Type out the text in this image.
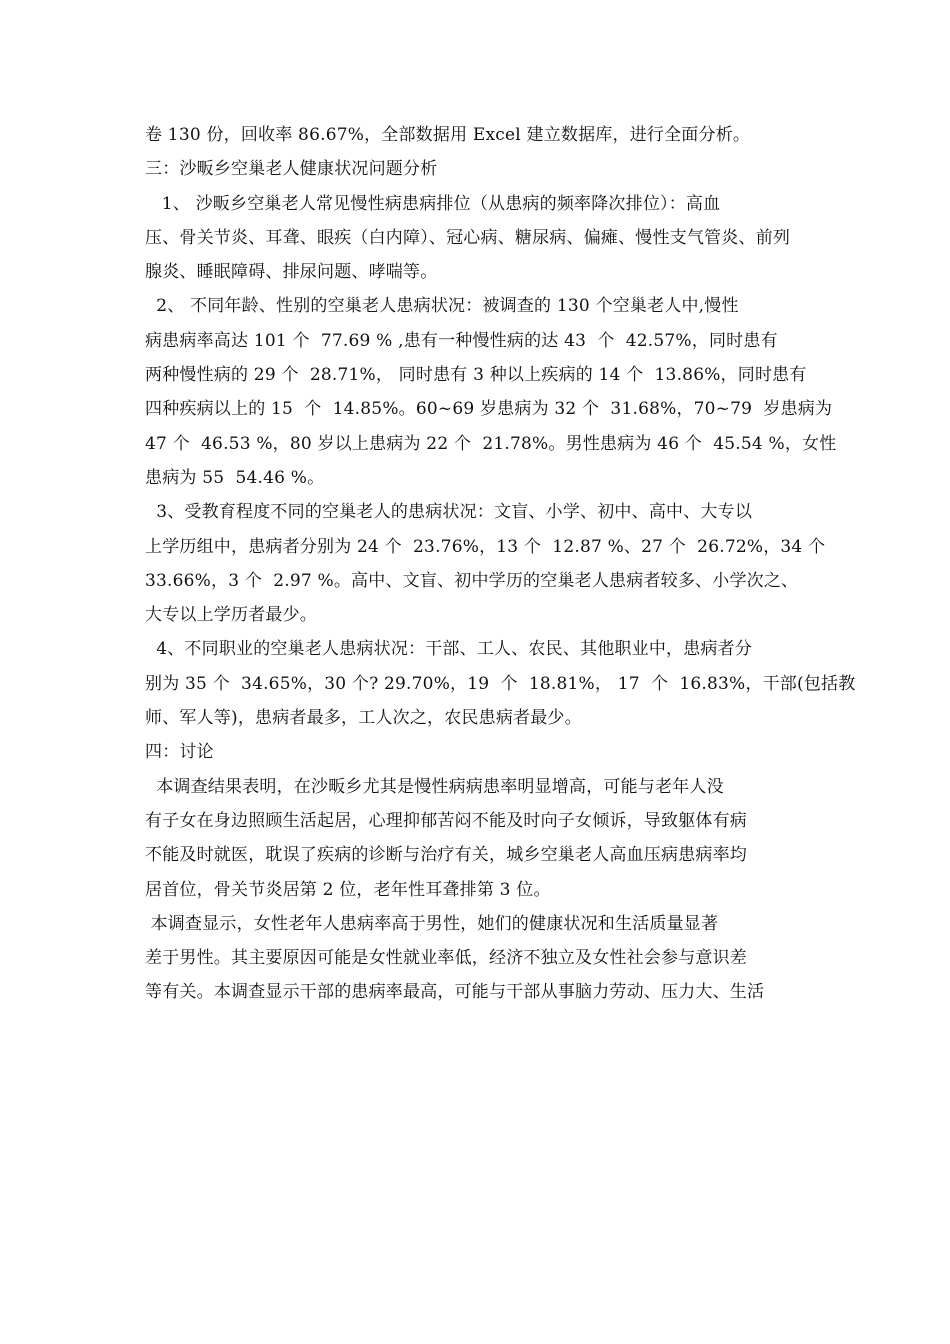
卷 130 份，回收率 86.67%，全部数据用 Excel 建立数据库，进行全面分析。
三：沙畈乡空巢老人健康状况问题分析
1、 沙畈乡空巢老人常见慢性病患病排位（从患病的频率降次排位）：高血
压、骨关节炎、耳聋、眼疾（白内障）、冠心病、糖尿病、偏瘫、慢性支气管炎、前列
腺炎、睡眠障碍、排尿问题、哮喘等。
2、 不同年龄、性别的空巢老人患病状况：被调查的 130 个空巢老人中,慢性
病患病率高达 101 个  77.69 % ,患有一种慢性病的达 43  个  42.57%，同时患有
两种慢性病的 29 个  28.71%， 同时患有 3 种以上疾病的 14 个  13.86%，同时患有
四种疾病以上的 15  个  14.85%。60~69 岁患病为 32 个  31.68%，70~79  岁患病为
47 个  46.53 %，80 岁以上患病为 22 个  21.78%。男性患病为 46 个  45.54 %，女性
患病为 55  54.46 %。
3、受教育程度不同的空巢老人的患病状况：文盲、小学、初中、高中、大专以
上学历组中，患病者分别为 24 个  23.76%，13 个  12.87 %、27 个  26.72%，34 个
33.66%，3 个  2.97 %。高中、文盲、初中学历的空巢老人患病者较多、小学次之、
大专以上学历者最少。
4、不同职业的空巢老人患病状况：干部、工人、农民、其他职业中，患病者分
别为 35 个  34.65%，30 个? 29.70%，19  个  18.81%， 17  个  16.83%，干部(包括教
师、军人等)，患病者最多，工人次之，农民患病者最少。
四：讨论
本调查结果表明，在沙畈乡尤其是慢性病病患率明显增高，可能与老年人没
有子女在身边照顾生活起居，心理抑郁苦闷不能及时向子女倾诉，导致躯体有病
不能及时就医，耽误了疾病的诊断与治疗有关，城乡空巢老人高血压病患病率均
居首位，骨关节炎居第 2 位，老年性耳聋排第 3 位。
本调查显示，女性老年人患病率高于男性，她们的健康状况和生活质量显著
差于男性。其主要原因可能是女性就业率低，经济不独立及女性社会参与意识差
等有关。本调查显示干部的患病率最高，可能与干部从事脑力劳动、压力大、生活
